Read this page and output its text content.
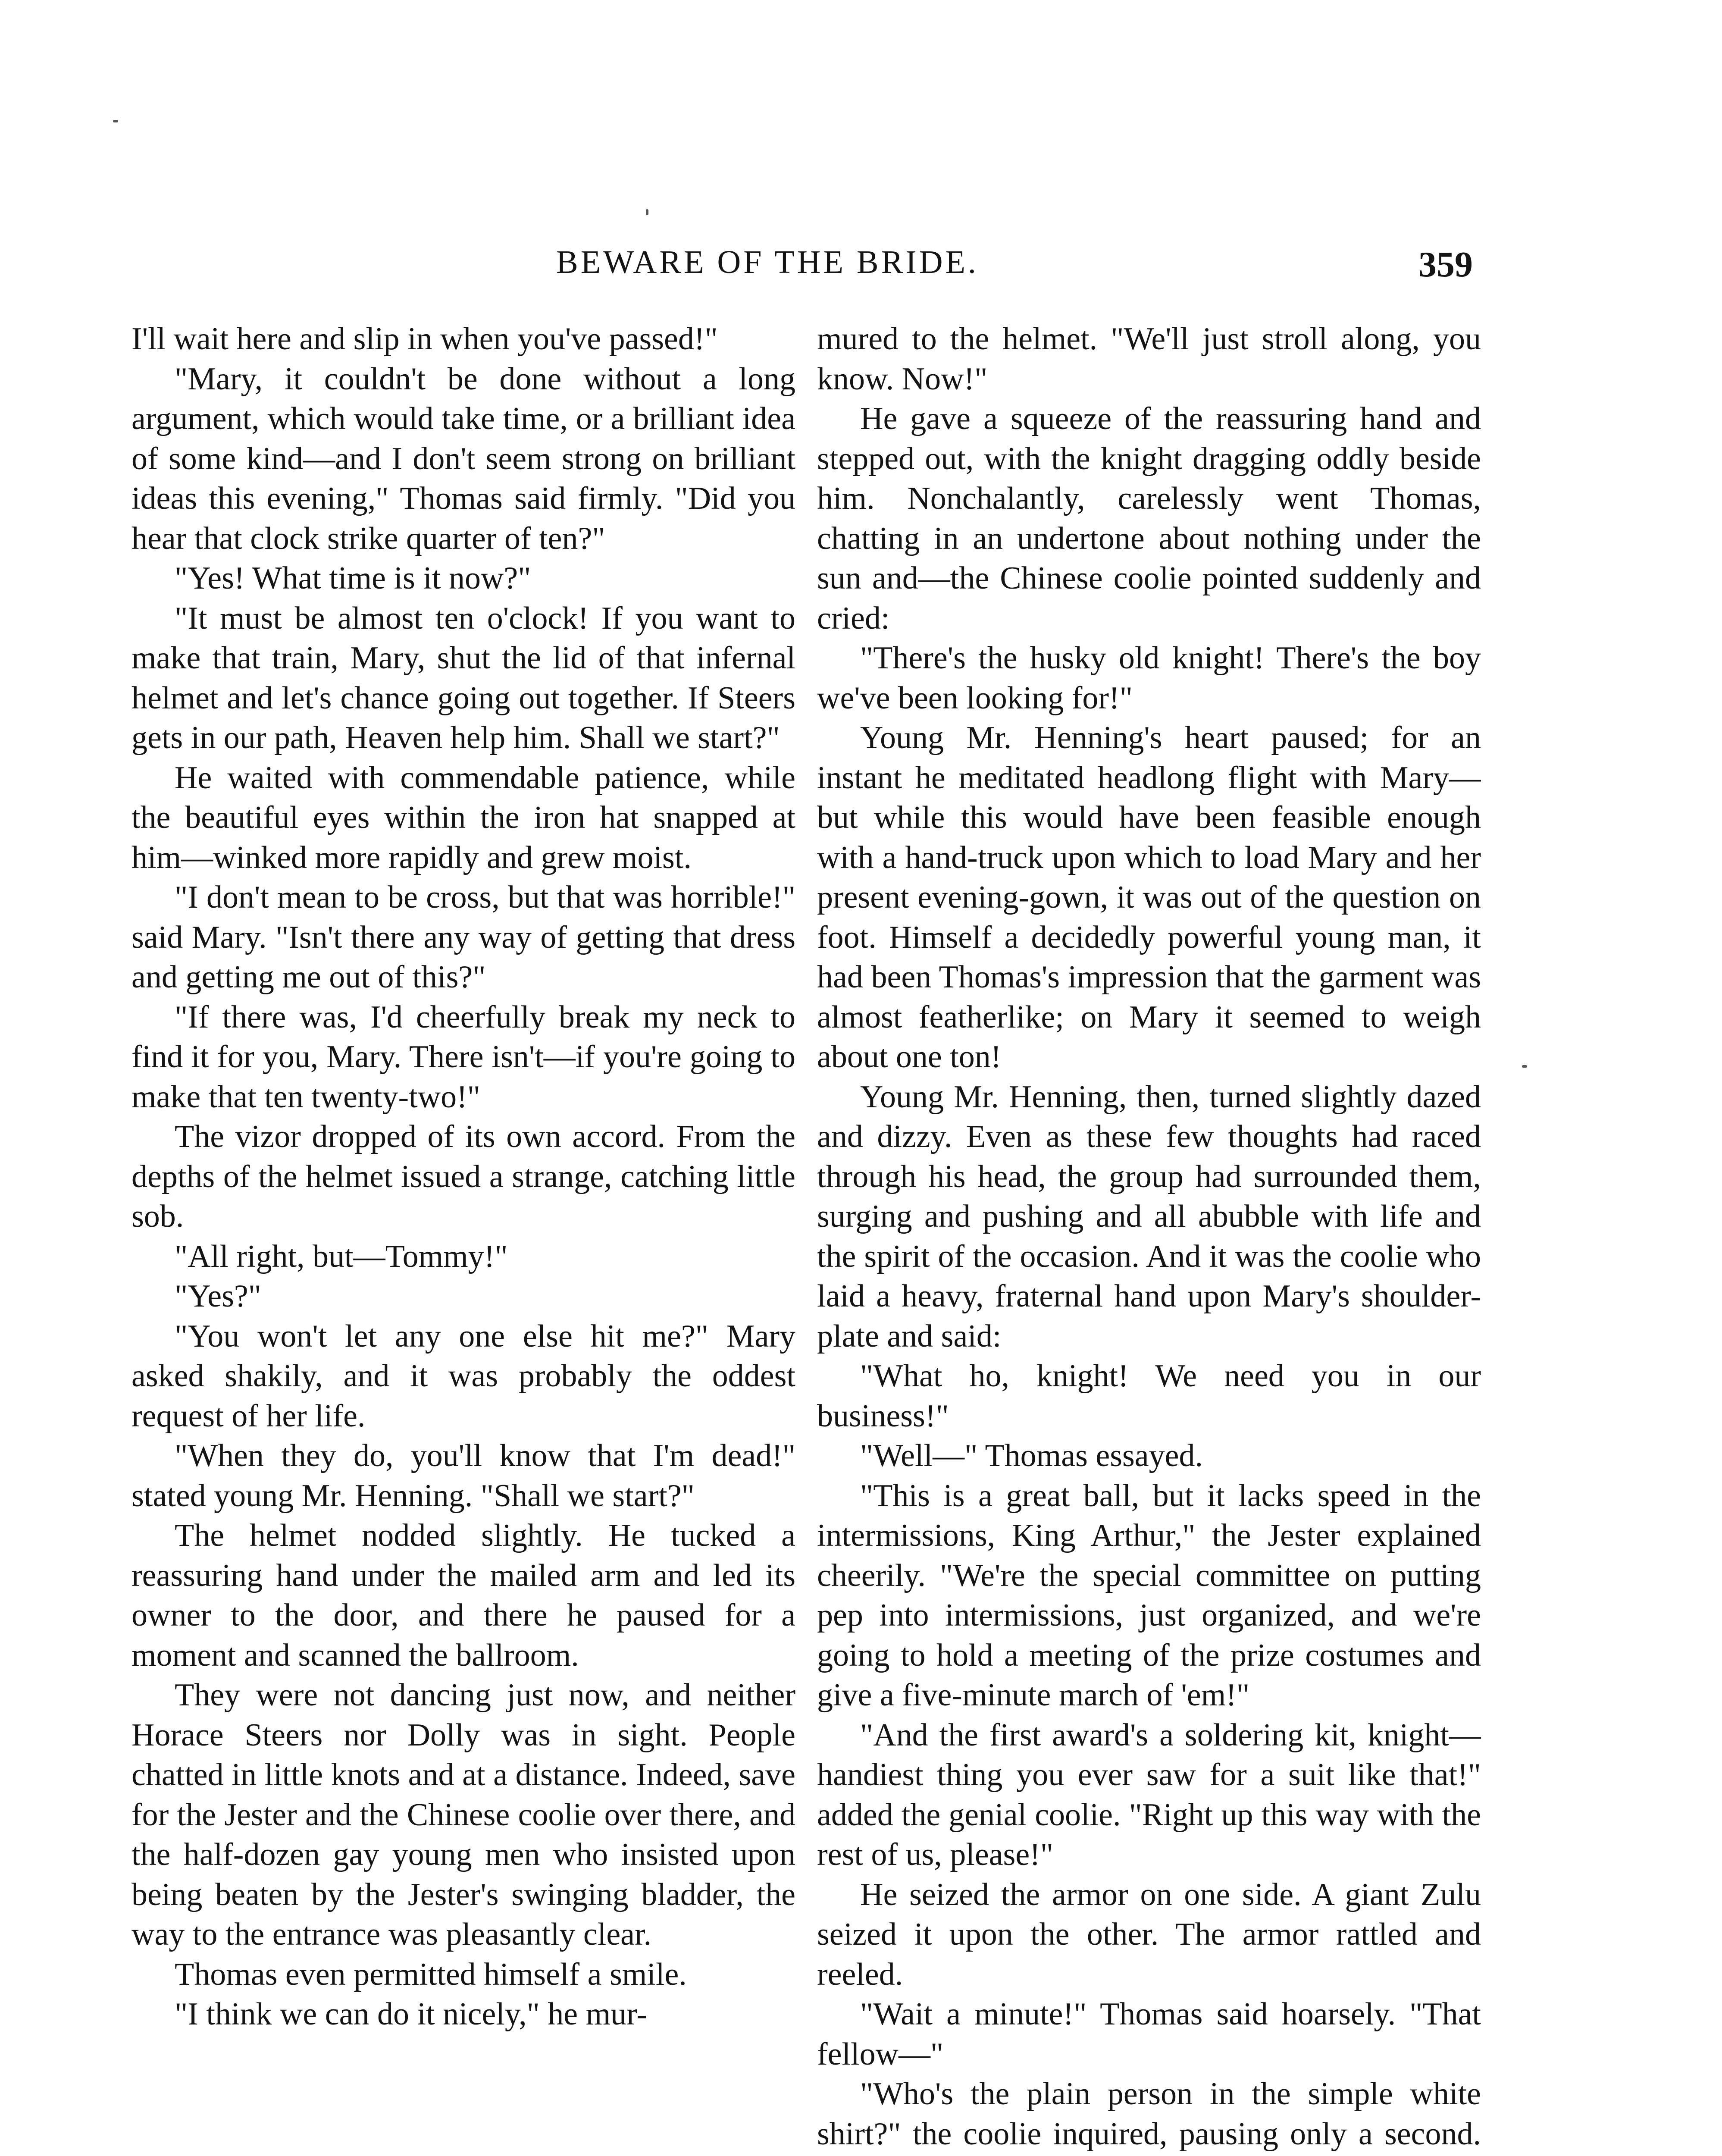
BEWARE OF THE BRIDE.	359

I'll wait here and slip in when you've passed!"

"Mary, it couldn't be done without a long argument, which would take time, or a brilliant idea of some kind—and I don't seem strong on brilliant ideas this evening," Thomas said firmly. "Did you hear that clock strike quarter of ten?"

"Yes! What time is it now?"

"It must be almost ten o'clock! If you want to make that train, Mary, shut the lid of that infernal helmet and let's chance going out together. If Steers gets in our path, Heaven help him. Shall we start?"

He waited with commendable patience, while the beautiful eyes within the iron hat snapped at him—winked more rapidly and grew moist.

"I don't mean to be cross, but that was horrible!" said Mary. "Isn't there any way of getting that dress and getting me out of this?"

"If there was, I'd cheerfully break my neck to find it for you, Mary. There isn't—if you're going to make that ten twenty-two!"

The vizor dropped of its own accord. From the depths of the helmet issued a strange, catching little sob.

"All right, but—Tommy!"

"Yes?"

"You won't let any one else hit me?" Mary asked shakily, and it was probably the oddest request of her life.

"When they do, you'll know that I'm dead!" stated young Mr. Henning. "Shall we start?"

The helmet nodded slightly. He tucked a reassuring hand under the mailed arm and led its owner to the door, and there he paused for a moment and scanned the ballroom.

They were not dancing just now, and neither Horace Steers nor Dolly was in sight. People chatted in little knots and at a distance. Indeed, save for the Jester and the Chinese coolie over there, and the half-dozen gay young men who insisted upon being beaten by the Jester's swinging bladder, the way to the entrance was pleasantly clear.

Thomas even permitted himself a smile.

"I think we can do it nicely," he mur-

mured to the helmet. "We'll just stroll along, you know. Now!"

He gave a squeeze of the reassuring hand and stepped out, with the knight dragging oddly beside him. Nonchalantly, carelessly went Thomas, chatting in an undertone about nothing under the sun and—the Chinese coolie pointed suddenly and cried:

"There's the husky old knight! There's the boy we've been looking for!"

Young Mr. Henning's heart paused; for an instant he meditated headlong flight with Mary—but while this would have been feasible enough with a hand-truck upon which to load Mary and her present evening-gown, it was out of the question on foot. Himself a decidedly powerful young man, it had been Thomas's impression that the garment was almost featherlike; on Mary it seemed to weigh about one ton!

Young Mr. Henning, then, turned slightly dazed and dizzy. Even as these few thoughts had raced through his head, the group had surrounded them, surging and pushing and all abubble with life and the spirit of the occasion. And it was the coolie who laid a heavy, fraternal hand upon Mary's shoulder-plate and said:

"What ho, knight! We need you in our business!"

"Well—" Thomas essayed.

"This is a great ball, but it lacks speed in the intermissions, King Arthur," the Jester explained cheerily. "We're the special committee on putting pep into intermissions, just organized, and we're going to hold a meeting of the prize costumes and give a five-minute march of 'em!"

"And the first award's a soldering kit, knight—handiest thing you ever saw for a suit like that!" added the genial coolie. "Right up this way with the rest of us, please!"

He seized the armor on one side. A giant Zulu seized it upon the other. The armor rattled and reeled.

"Wait a minute!" Thomas said hoarsely. "That fellow—"

"Who's the plain person in the simple white shirt?" the coolie inquired, pausing only a second.
